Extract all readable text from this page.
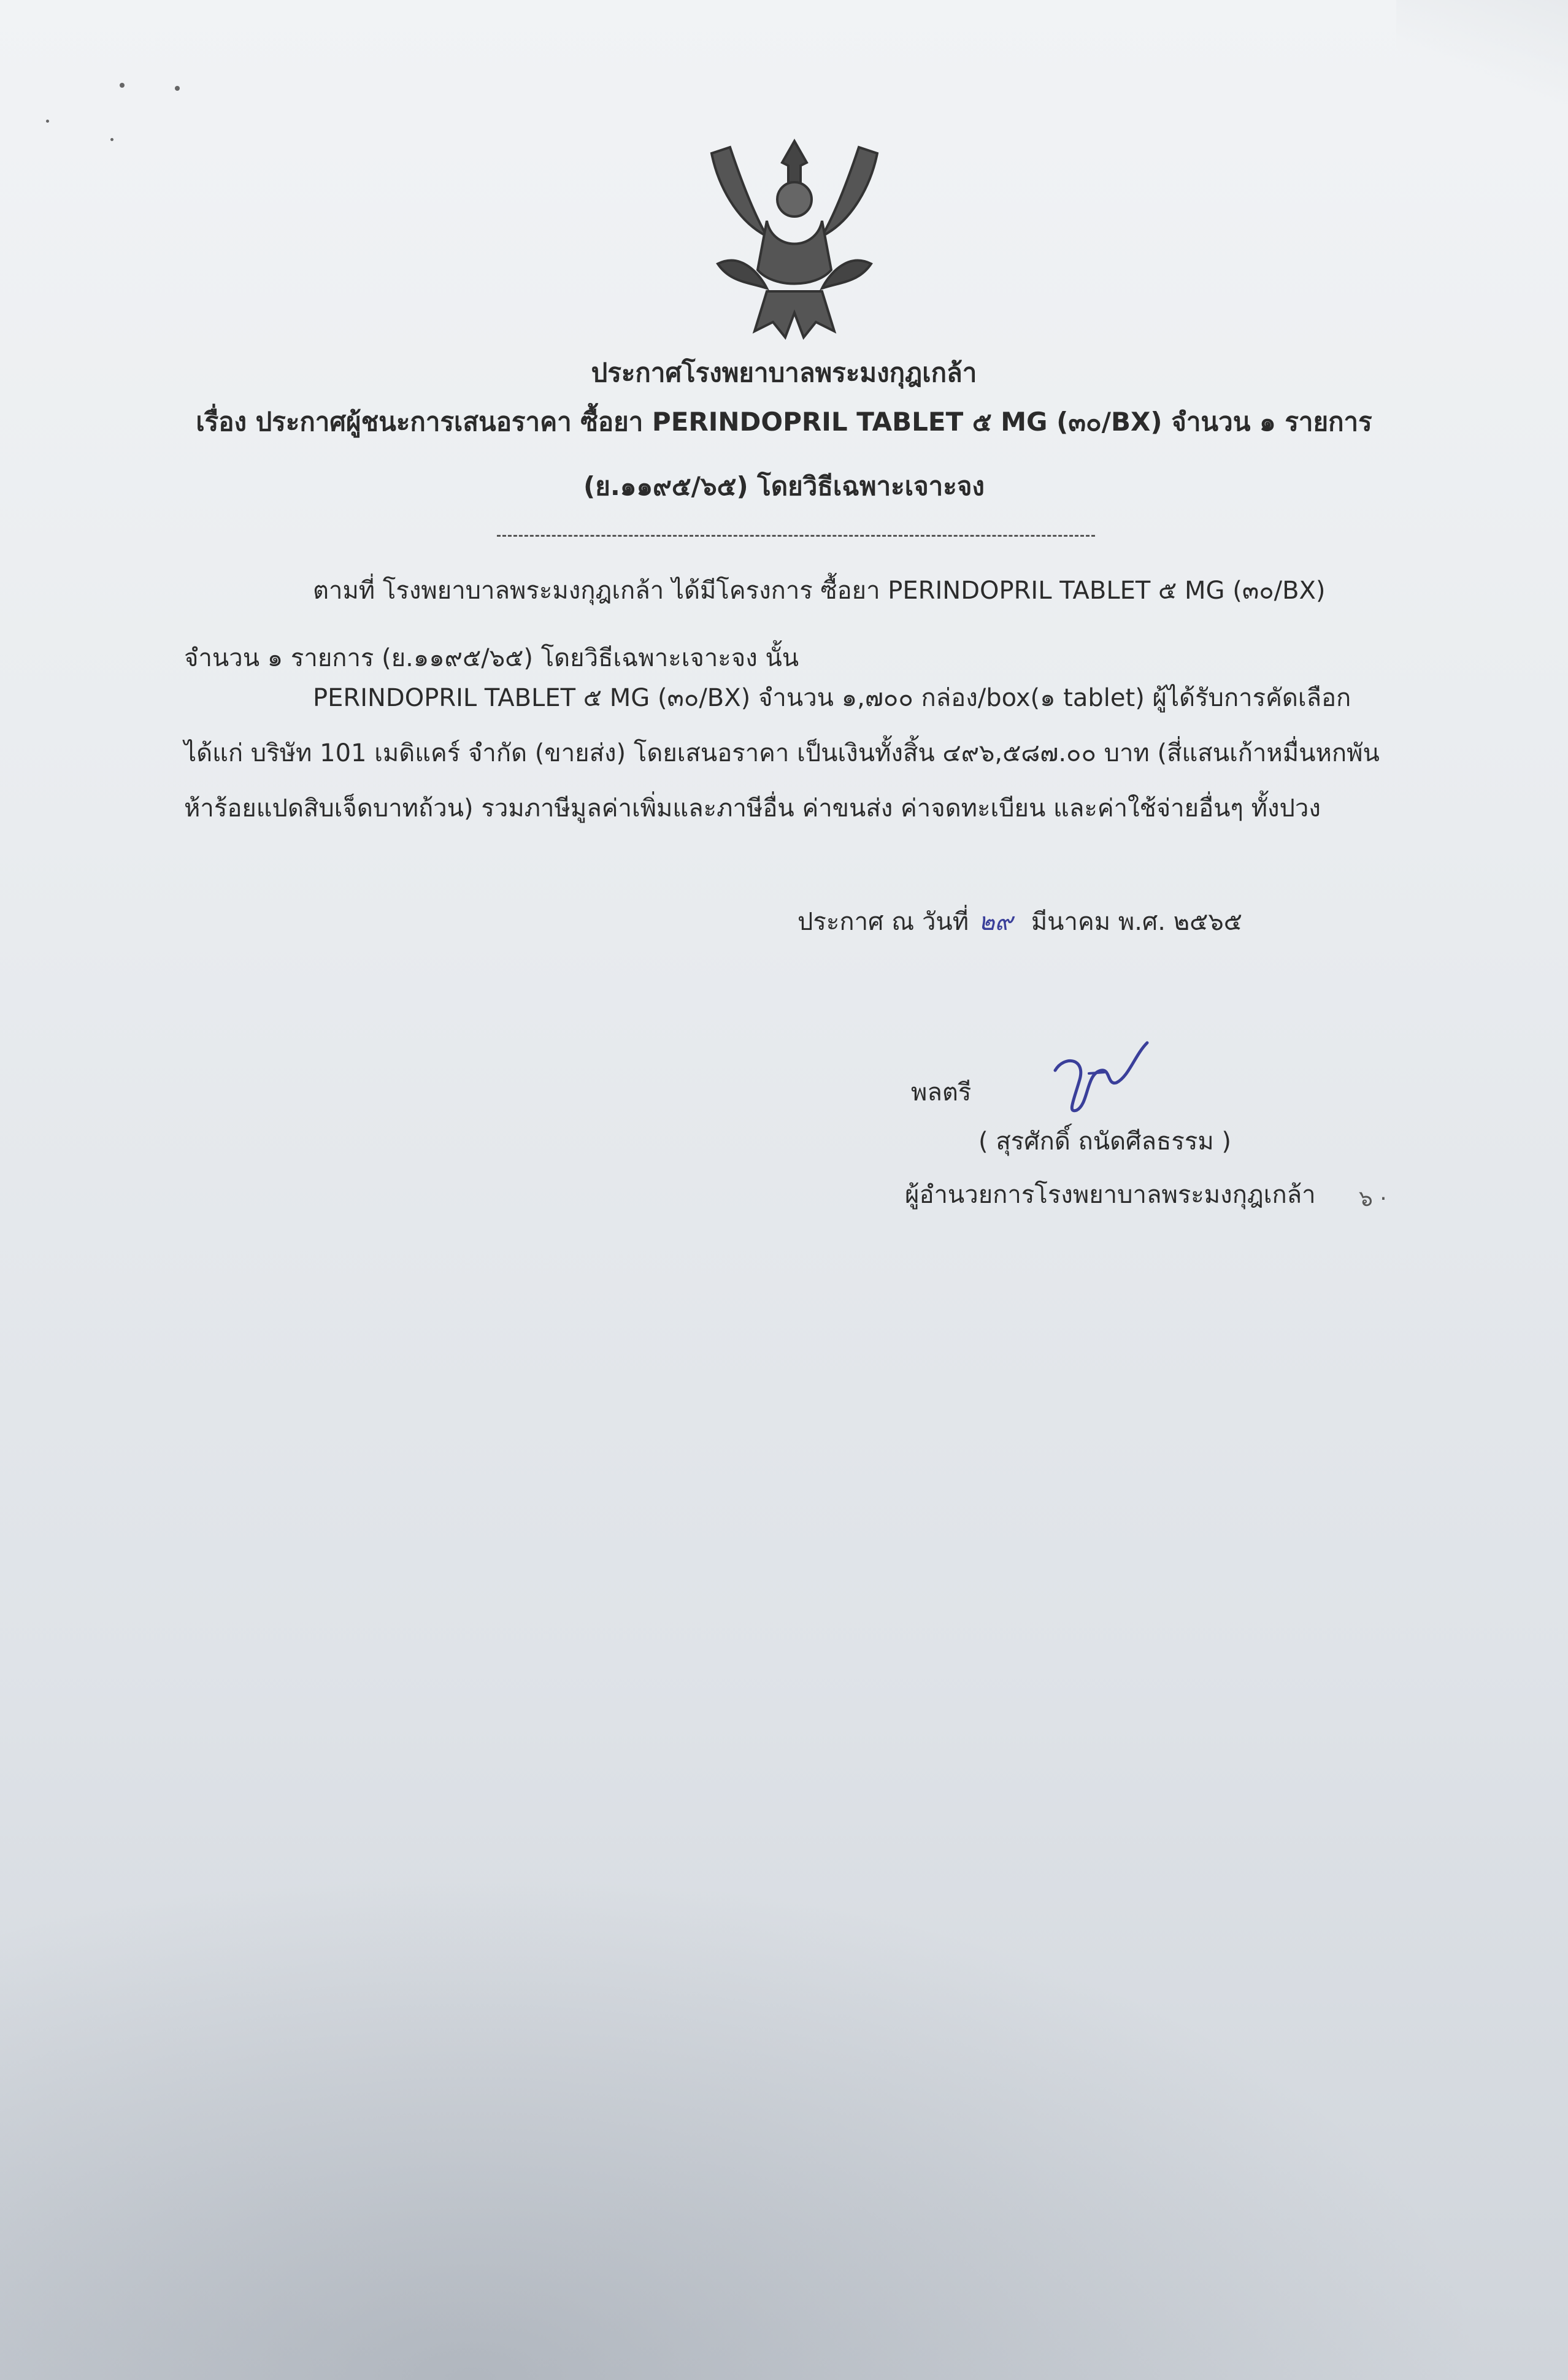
ประกาศโรงพยาบาลพระมงกุฎเกล้า
เรื่อง ประกาศผู้ชนะการเสนอราคา ซื้อยา PERINDOPRIL TABLET ๕ MG (๓๐/BX) จำนวน ๑ รายการ
(ย.๑๑๙๕/๖๕) โดยวิธีเฉพาะเจาะจง
ตามที่ โรงพยาบาลพระมงกุฎเกล้า ได้มีโครงการ ซื้อยา PERINDOPRIL TABLET ๕ MG (๓๐/BX)
จำนวน ๑ รายการ (ย.๑๑๙๕/๖๕) โดยวิธีเฉพาะเจาะจง นั้น
PERINDOPRIL TABLET ๕ MG (๓๐/BX) จำนวน ๑,๗๐๐ กล่อง/box(๑ tablet) ผู้ได้รับการคัดเลือก
ได้แก่ บริษัท 101 เมดิแคร์ จำกัด (ขายส่ง) โดยเสนอราคา เป็นเงินทั้งสิ้น ๔๙๖,๕๘๗.๐๐ บาท (สี่แสนเก้าหมื่นหกพัน
ห้าร้อยแปดสิบเจ็ดบาทถ้วน) รวมภาษีมูลค่าเพิ่มและภาษีอื่น ค่าขนส่ง ค่าจดทะเบียน และค่าใช้จ่ายอื่นๆ ทั้งปวง
ประกาศ ณ วันที่ ๒๙ มีนาคม พ.ศ. ๒๕๖๕
พลตรี
( สุรศักดิ์ ถนัดศีลธรรม )
ผู้อำนวยการโรงพยาบาลพระมงกุฎเกล้า ๖ ·
